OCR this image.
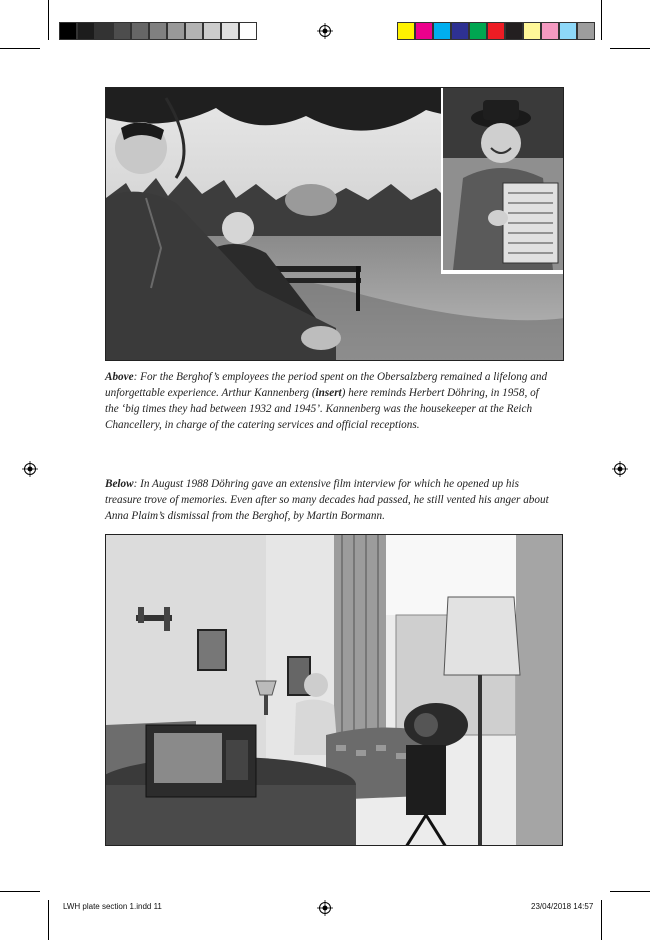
Above: For the Berghof’s employees the period spent on the Obersalzberg remained a lifelong and unforgettable experience. Arthur Kannenberg (insert) here reminds Herbert Döhring, in 1958, of the ‘big times they had between 1932 and 1945’. Kannenberg was the housekeeper at the Reich Chancellery, in charge of the catering services and official receptions.
Below: In August 1988 Döhring gave an extensive film interview for which he opened up his treasure trove of memories. Even after so many decades had passed, he still vented his anger about Anna Plaim’s dismissal from the Berghof, by Martin Bormann.
LWH plate section 1.indd 11	23/04/2018 14:57
